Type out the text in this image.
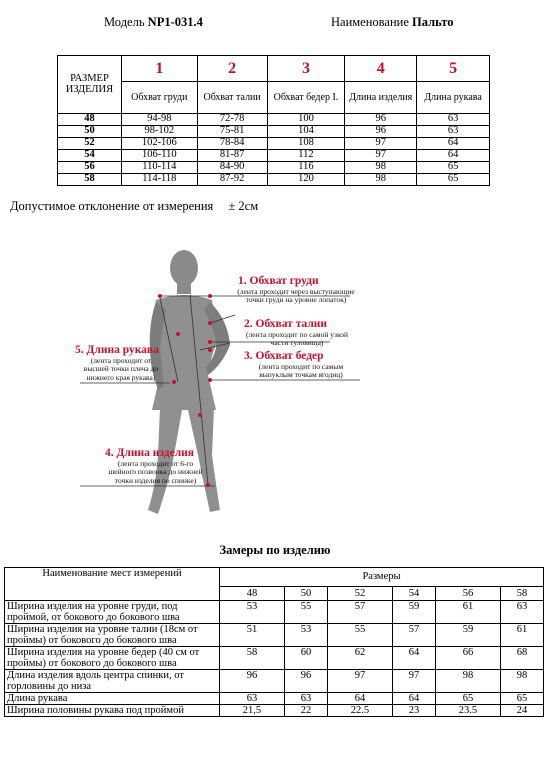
Модель NP1-031.4	Наименование Пальто
РАЗМЕР ИЗДЕЛИЯ	1	2	3	4	5
	Обхват груди	Обхват талии	Обхват бедер I.	Длина изделия	Длина рукава
48	94-98	72-78	100	96	63
50	98-102	75-81	104	96	63
52	102-106	78-84	108	97	64
54	106-110	81-87	112	97	64
56	110-114	84-90	116	98	65
58	114-118	87-92	120	98	65
Допустимое отклонение от измерения ± 2см
1. Обхват груди
(лента проходит через выступающие точки груди на уровне лопаток)
2. Обхват талии
(лента проходит по самой узкой части туловища)
3. Обхват бедер
(лента проходит по самым выпуклым точкам ягодиц)
5. Длина рукава
(лента проходит от высшей точки плеча до нижнего края рукава)
4. Длина изделия
(лента проходит от 6-го шейного позвонка до нижней точки изделия по спинке)
Замеры по изделию
Наименование мест измерений	Размеры					
	48	50	52	54	56	58
Ширина изделия на уровне груди, под проймой, от бокового до бокового шва	53	55	57	59	61	63
Ширина изделия на уровне талии (18см от проймы) от бокового до бокового шва	51	53	55	57	59	61
Ширина изделия на уровне бедер (40 см от проймы) от бокового до бокового шва	58	60	62	64	66	68
Длина изделия вдоль центра спинки, от горловины до низа	96	96	97	97	98	98
Длина рукава	63	63	64	64	65	65
Ширина половины рукава под проймой	21,5	22	22.5	23	23.5	24
